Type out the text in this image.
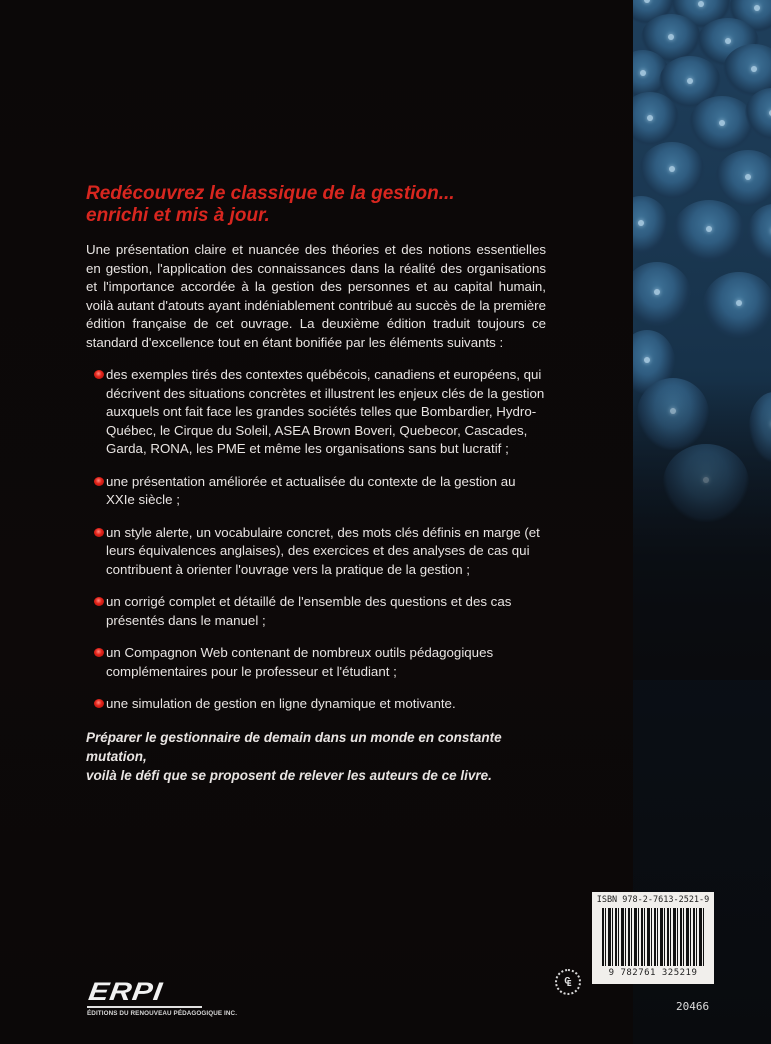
Redécouvrez le classique de la gestion...
enrichi et mis à jour.

Une présentation claire et nuancée des théories et des notions essentielles en gestion, l'application des connaissances dans la réalité des organisations et l'importance accordée à la gestion des personnes et au capital humain, voilà autant d'atouts ayant indéniablement contribué au succès de la première édition française de cet ouvrage. La deuxième édition traduit toujours ce standard d'excellence tout en étant bonifiée par les éléments suivants :

des exemples tirés des contextes québécois, canadiens et européens, qui décrivent des situations concrètes et illustrent les enjeux clés de la gestion auxquels ont fait face les grandes sociétés telles que Bombardier, Hydro-Québec, le Cirque du Soleil, ASEA Brown Boveri, Quebecor, Cascades, Garda, RONA, les PME et même les organisations sans but lucratif ;
une présentation améliorée et actualisée du contexte de la gestion au XXIe siècle ;
un style alerte, un vocabulaire concret, des mots clés définis en marge (et leurs équivalences anglaises), des exercices et des analyses de cas qui contribuent à orienter l'ouvrage vers la pratique de la gestion ;
un corrigé complet et détaillé de l'ensemble des questions et des cas présentés dans le manuel ;
un Compagnon Web contenant de nombreux outils pédagogiques complémentaires pour le professeur et l'étudiant ;
une simulation de gestion en ligne dynamique et motivante.

Préparer le gestionnaire de demain dans un monde en constante mutation,
voilà le défi que se proposent de relever les auteurs de ce livre.

ERPI
ÉDITIONS DU RENOUVEAU PÉDAGOGIQUE INC.
₠
ISBN 978-2-7613-2521-9
9 782761 325219
20466
